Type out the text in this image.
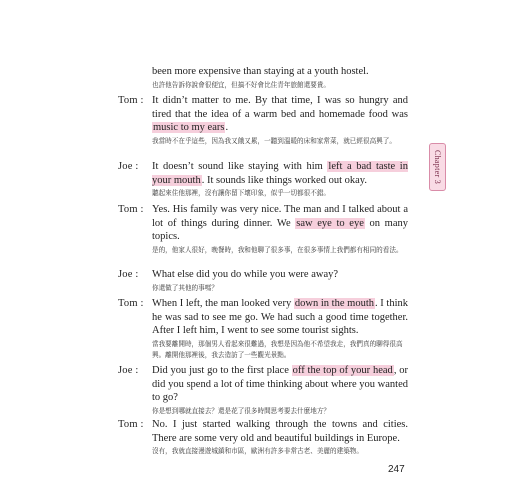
Chapter 3

been more expensive than staying at a youth hostel.

也許他告訴你說會很便宜，但搞不好會比住青年旅館還要貴。

Tom : It didn’t matter to me. By that time, I was so hungry and tired that the idea of a warm bed and homemade food was music to my ears.

我當時不在乎這些，因為我又餓又累，一聽到溫暖的床和家常菜，就已經很高興了。

Joe : It doesn’t sound like staying with him left a bad taste in your mouth. It sounds like things worked out okay.

聽起來住他那裡，沒有讓你留下壞印象，似乎一切都很不錯。

Tom : Yes. His family was very nice. The man and I talked about a lot of things during dinner. We saw eye to eye on many topics.

是的，他家人很好，晚餐時，我和他聊了很多事，在很多事情上我們都有相同的看法。

Joe : What else did you do while you were away?

你還做了其他的事嗎？

Tom : When I left, the man looked very down in the mouth. I think he was sad to see me go. We had such a good time together. After I left him, I went to see some tourist sights.

當我要離開時，那個男人看起來很難過，我想是因為他不希望我走，我們真的聊得很高興。離開他那裡後，我去造訪了一些觀光景點。

Joe : Did you just go to the first place off the top of your head, or did you spend a lot of time thinking about where you wanted to go?

你是想到哪就直接去？還是花了很多時間思考要去什麼地方？

Tom : No. I just started walking through the towns and cities. There are some very old and beautiful buildings in Europe.

沒有，我就直接漫遊城鎮和市區，歐洲有許多非常古老、美麗的建築物。

247
